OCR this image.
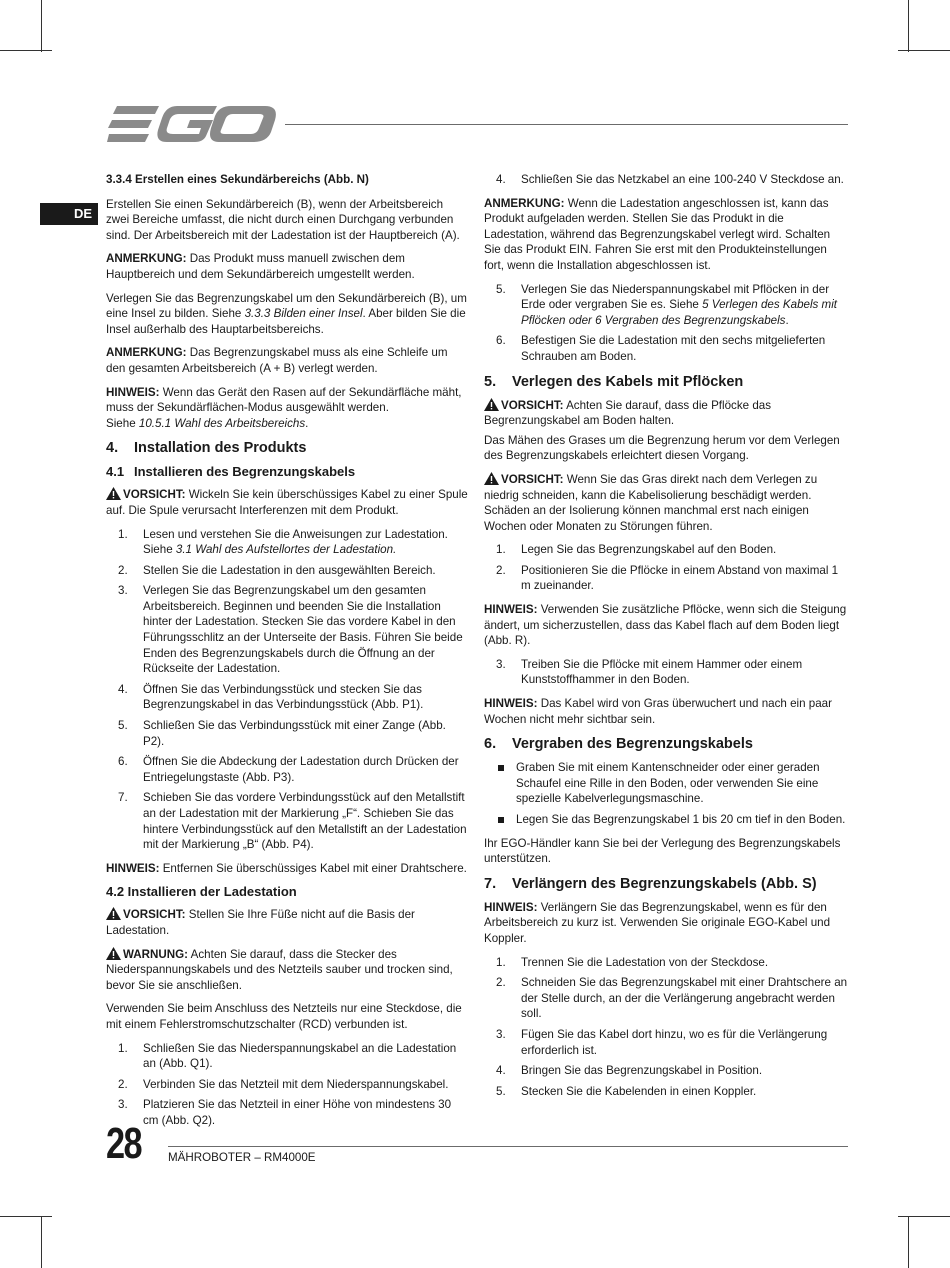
DE
3.3.4 Erstellen eines Sekundärbereichs (Abb. N)

Erstellen Sie einen Sekundärbereich (B), wenn der Arbeitsbereich zwei Bereiche umfasst, die nicht durch einen Durchgang verbunden sind. Der Arbeitsbereich mit der Ladestation ist der Hauptbereich (A).

ANMERKUNG: Das Produkt muss manuell zwischen dem Hauptbereich und dem Sekundärbereich umgestellt werden.

Verlegen Sie das Begrenzungskabel um den Sekundärbereich (B), um eine Insel zu bilden. Siehe 3.3.3 Bilden einer Insel. Aber bilden Sie die Insel außerhalb des Hauptarbeitsbereichs.

ANMERKUNG: Das Begrenzungskabel muss als eine Schleife um den gesamten Arbeitsbereich (A + B) verlegt werden.

HINWEIS: Wenn das Gerät den Rasen auf der Sekundärfläche mäht, muss der Sekundärflächen-Modus ausgewählt werden.
Siehe 10.5.1 Wahl des Arbeitsbereichs.

4.	Installation des Produkts
4.1 Installieren des Begrenzungskabels

VORSICHT: Wickeln Sie kein überschüssiges Kabel zu einer Spule auf. Die Spule verursacht Interferenzen mit dem Produkt.

1.	Lesen und verstehen Sie die Anweisungen zur Ladestation. Siehe 3.1 Wahl des Aufstellortes der Ladestation.
2.	Stellen Sie die Ladestation in den ausgewählten Bereich.
3.	Verlegen Sie das Begrenzungskabel um den gesamten Arbeitsbereich. Beginnen und beenden Sie die Installation hinter der Ladestation. Stecken Sie das vordere Kabel in den Führungsschlitz an der Unterseite der Basis. Führen Sie beide Enden des Begrenzungskabels durch die Öffnung an der Rückseite der Ladestation.
4.	Öffnen Sie das Verbindungsstück und stecken Sie das Begrenzungskabel in das Verbindungsstück (Abb. P1).
5.	Schließen Sie das Verbindungsstück mit einer Zange (Abb. P2).
6.	Öffnen Sie die Abdeckung der Ladestation durch Drücken der Entriegelungstaste (Abb. P3).
7.	Schieben Sie das vordere Verbindungsstück auf den Metallstift an der Ladestation mit der Markierung „F“. Schieben Sie das hintere Verbindungsstück auf den Metallstift an der Ladestation mit der Markierung „B“ (Abb. P4).

HINWEIS: Entfernen Sie überschüssiges Kabel mit einer Drahtschere.

4.2 Installieren der Ladestation

VORSICHT: Stellen Sie Ihre Füße nicht auf die Basis der Ladestation.

WARNUNG: Achten Sie darauf, dass die Stecker des Niederspannungskabels und des Netzteils sauber und trocken sind, bevor Sie sie anschließen.

Verwenden Sie beim Anschluss des Netzteils nur eine Steckdose, die mit einem Fehlerstromschutzschalter (RCD) verbunden ist.

1.	Schließen Sie das Niederspannungskabel an die Ladestation an (Abb. Q1).
2.	Verbinden Sie das Netzteil mit dem Niederspannungskabel.
3.	Platzieren Sie das Netzteil in einer Höhe von mindestens 30 cm (Abb. Q2).
4.	Schließen Sie das Netzkabel an eine 100-240 V Steckdose an.

ANMERKUNG: Wenn die Ladestation angeschlossen ist, kann das Produkt aufgeladen werden. Stellen Sie das Produkt in die Ladestation, während das Begrenzungskabel verlegt wird. Schalten Sie das Produkt EIN. Fahren Sie erst mit den Produkteinstellungen fort, wenn die Installation abgeschlossen ist.

5.	Verlegen Sie das Niederspannungskabel mit Pflöcken in der Erde oder vergraben Sie es. Siehe 5 Verlegen des Kabels mit Pflöcken oder 6 Vergraben des Begrenzungskabels.
6.	Befestigen Sie die Ladestation mit den sechs mitgelieferten Schrauben am Boden.
5.	Verlegen des Kabels mit Pflöcken

VORSICHT: Achten Sie darauf, dass die Pflöcke das Begrenzungskabel am Boden halten.

Das Mähen des Grases um die Begrenzung herum vor dem Verlegen des Begrenzungskabels erleichtert diesen Vorgang.

VORSICHT: Wenn Sie das Gras direkt nach dem Verlegen zu niedrig schneiden, kann die Kabelisolierung beschädigt werden. Schäden an der Isolierung können manchmal erst nach einigen Wochen oder Monaten zu Störungen führen.

1.	Legen Sie das Begrenzungskabel auf den Boden.
2.	Positionieren Sie die Pflöcke in einem Abstand von maximal 1 m zueinander.

HINWEIS: Verwenden Sie zusätzliche Pflöcke, wenn sich die Steigung ändert, um sicherzustellen, dass das Kabel flach auf dem Boden liegt (Abb. R).

3.	Treiben Sie die Pflöcke mit einem Hammer oder einem Kunststoffhammer in den Boden.

HINWEIS: Das Kabel wird von Gras überwuchert und nach ein paar Wochen nicht mehr sichtbar sein.

6.	Vergraben des Begrenzungskabels
Graben Sie mit einem Kantenschneider oder einer geraden Schaufel eine Rille in den Boden, oder verwenden Sie eine spezielle Kabelverlegungsmaschine.
Legen Sie das Begrenzungskabel 1 bis 20 cm tief in den Boden.

Ihr EGO-Händler kann Sie bei der Verlegung des Begrenzungskabels unterstützen.

7.	Verlängern des Begrenzungskabels (Abb. S)

HINWEIS: Verlängern Sie das Begrenzungskabel, wenn es für den Arbeitsbereich zu kurz ist. Verwenden Sie originale EGO-Kabel und Koppler.

1.	Trennen Sie die Ladestation von der Steckdose.
2.	Schneiden Sie das Begrenzungskabel mit einer Drahtschere an der Stelle durch, an der die Verlängerung angebracht werden soll.
3.	Fügen Sie das Kabel dort hinzu, wo es für die Verlängerung erforderlich ist.
4.	Bringen Sie das Begrenzungskabel in Position.
5.	Stecken Sie die Kabelenden in einen Koppler.
28 MÄHROBOTER – RM4000E
